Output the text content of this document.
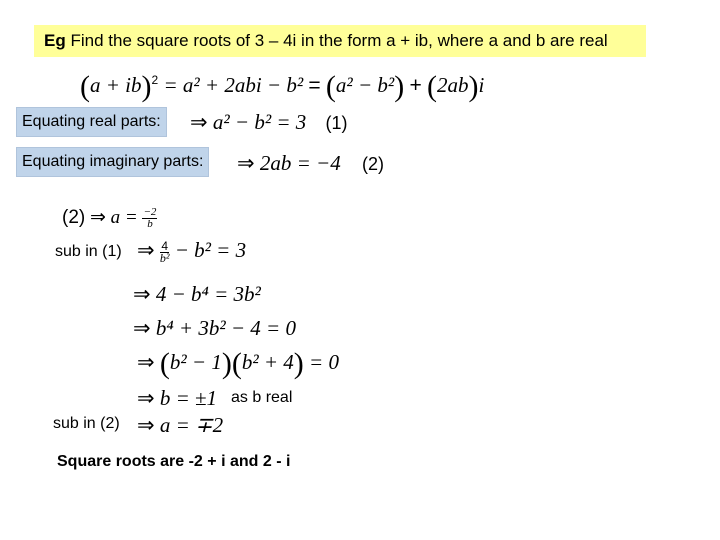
Eg Find the square roots of 3 – 4i in the form a + ib, where a and b are real
(a + ib)$^2$ = a² + 2abi − b² = (a² − b²) + (2ab)i
Equating real parts: ⇒ a² − b² = 3 (1)
Equating imaginary parts: ⇒ 2ab = −4 (2)
(2) ⇒ $a = \frac{-2}{b}$
sub in (1) ⇒ $\frac{4}{\text{b²}} - b^2 = 3$
⇒ 4 − b⁴ = 3b²
⇒ b⁴ + 3b² − 4 = 0
⇒ (b² − 1)(b² + 4) = 0
⇒ b = ±1 as b real
sub in (2) ⇒ a = ∓2
Square roots are -2 + i and 2 - i
